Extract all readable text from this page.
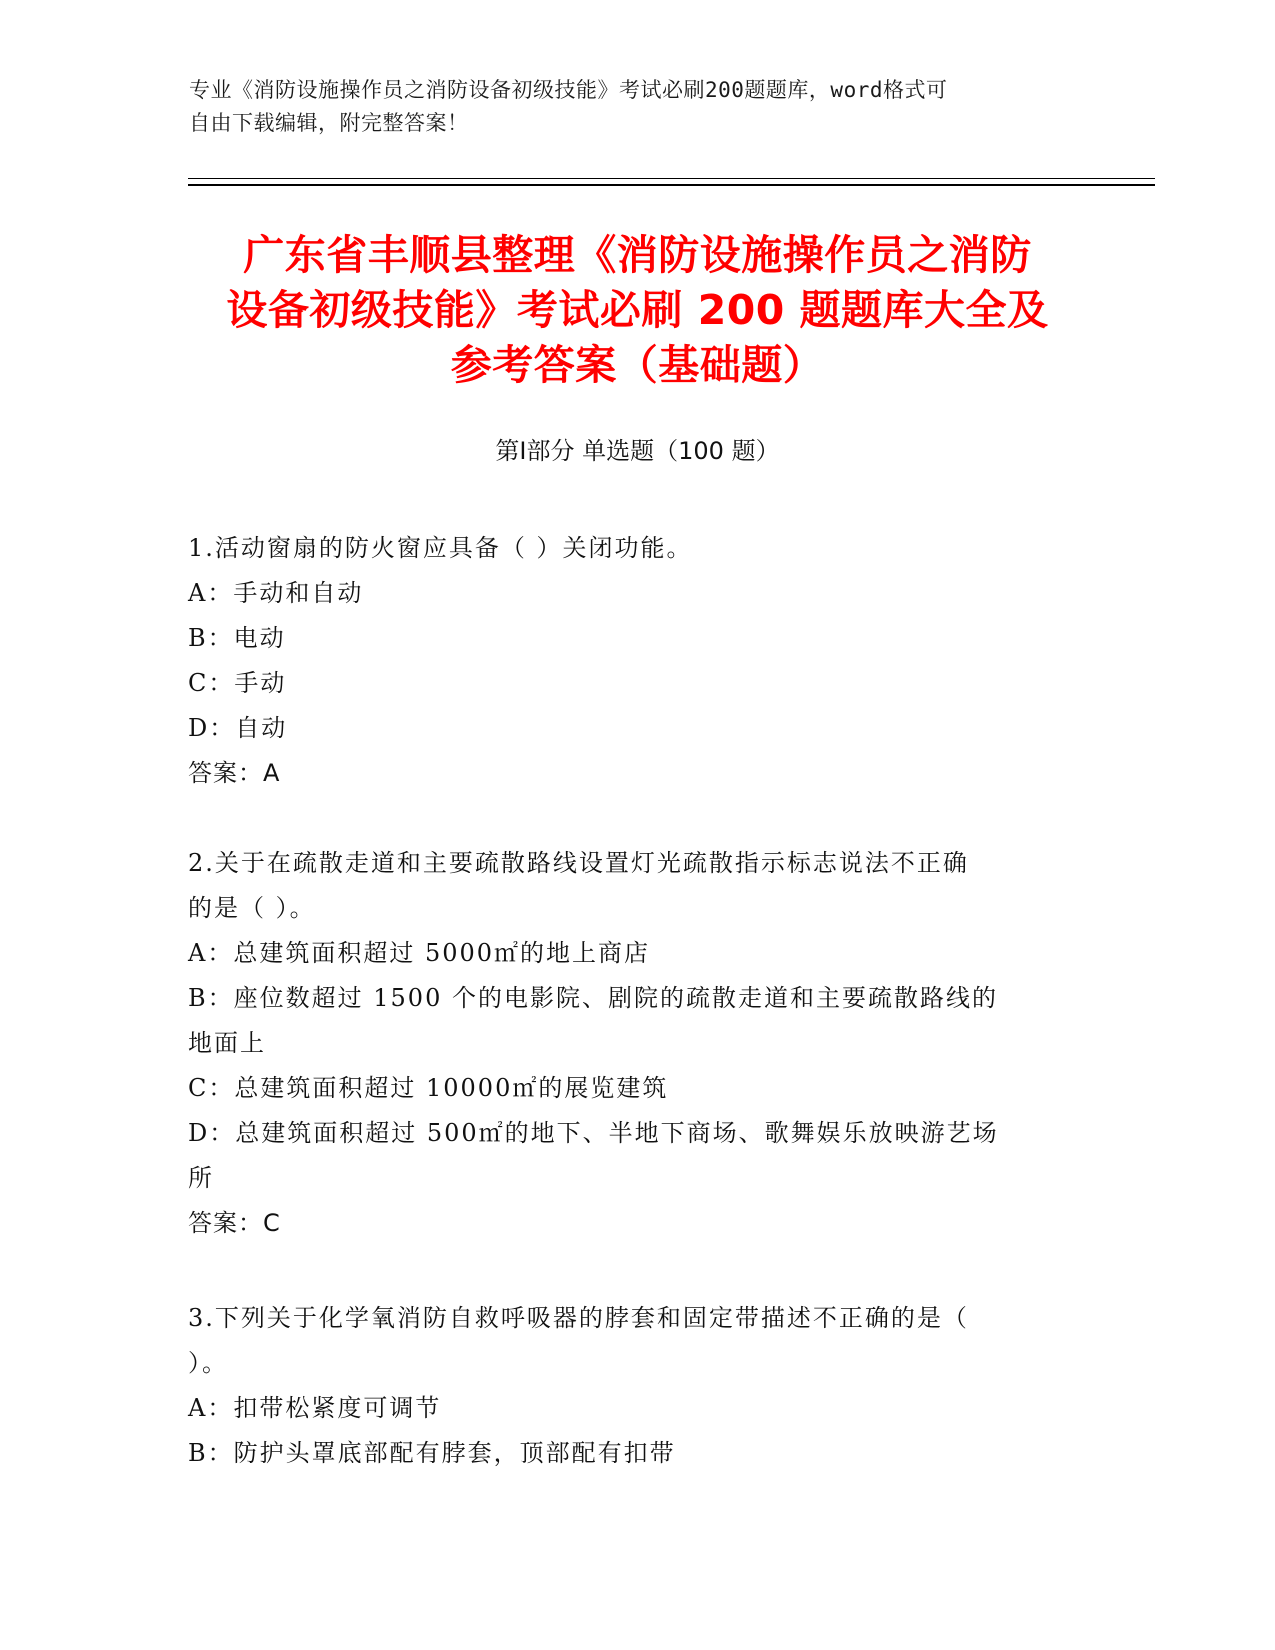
专业《消防设施操作员之消防设备初级技能》考试必刷200题题库，word格式可
自由下载编辑，附完整答案！
广东省丰顺县整理《消防设施操作员之消防
设备初级技能》考试必刷 200 题题库大全及
参考答案（基础题）
第Ⅰ部分 单选题（100 题）
1.活动窗扇的防火窗应具备（ ）关闭功能。
A：手动和自动
B：电动
C：手动
D：自动
答案：A
2.关于在疏散走道和主要疏散路线设置灯光疏散指示标志说法不正确
的是（ ）。
A：总建筑面积超过 5000㎡的地上商店
B：座位数超过 1500 个的电影院、剧院的疏散走道和主要疏散路线的
地面上
C：总建筑面积超过 10000㎡的展览建筑
D：总建筑面积超过 500㎡的地下、半地下商场、歌舞娱乐放映游艺场
所
答案：C
3.下列关于化学氧消防自救呼吸器的脖套和固定带描述不正确的是（
）。
A：扣带松紧度可调节
B：防护头罩底部配有脖套，顶部配有扣带
